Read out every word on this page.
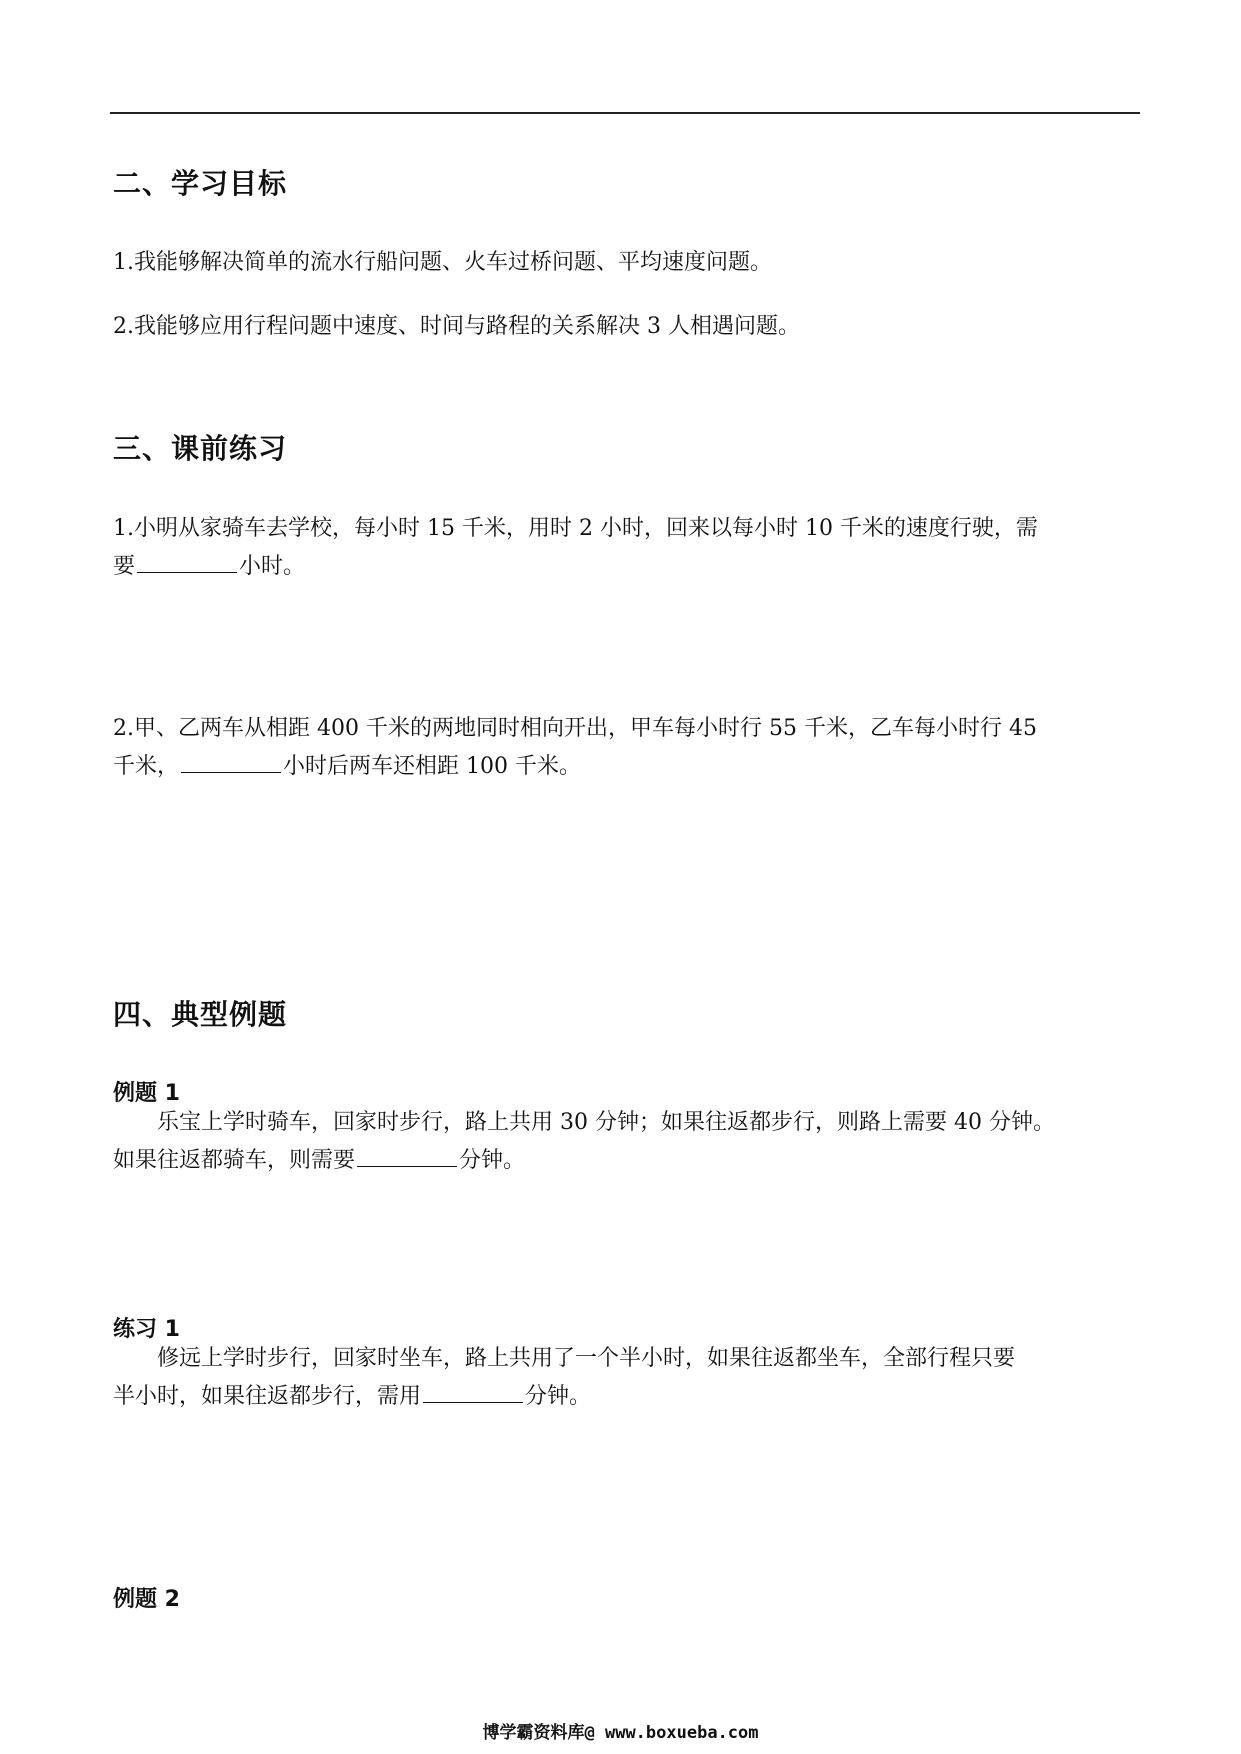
二、学习目标
1.我能够解决简单的流水行船问题、火车过桥问题、平均速度问题。
2.我能够应用行程问题中速度、时间与路程的关系解决 3 人相遇问题。
三、课前练习
1.小明从家骑车去学校，每小时 15 千米，用时 2 小时，回来以每小时 10 千米的速度行驶，需
要	小时。
2.甲、乙两车从相距 400 千米的两地同时相向开出，甲车每小时行 55 千米，乙车每小时行 45
千米，	小时后两车还相距 100 千米。
四、典型例题
例题 1
乐宝上学时骑车，回家时步行，路上共用 30 分钟；如果往返都步行，则路上需要 40 分钟。
如果往返都骑车，则需要	分钟。
练习 1
修远上学时步行，回家时坐车，路上共用了一个半小时，如果往返都坐车，全部行程只要
半小时，如果往返都步行，需用	分钟。
例题 2
博学霸资料库@ www.boxueba.com
